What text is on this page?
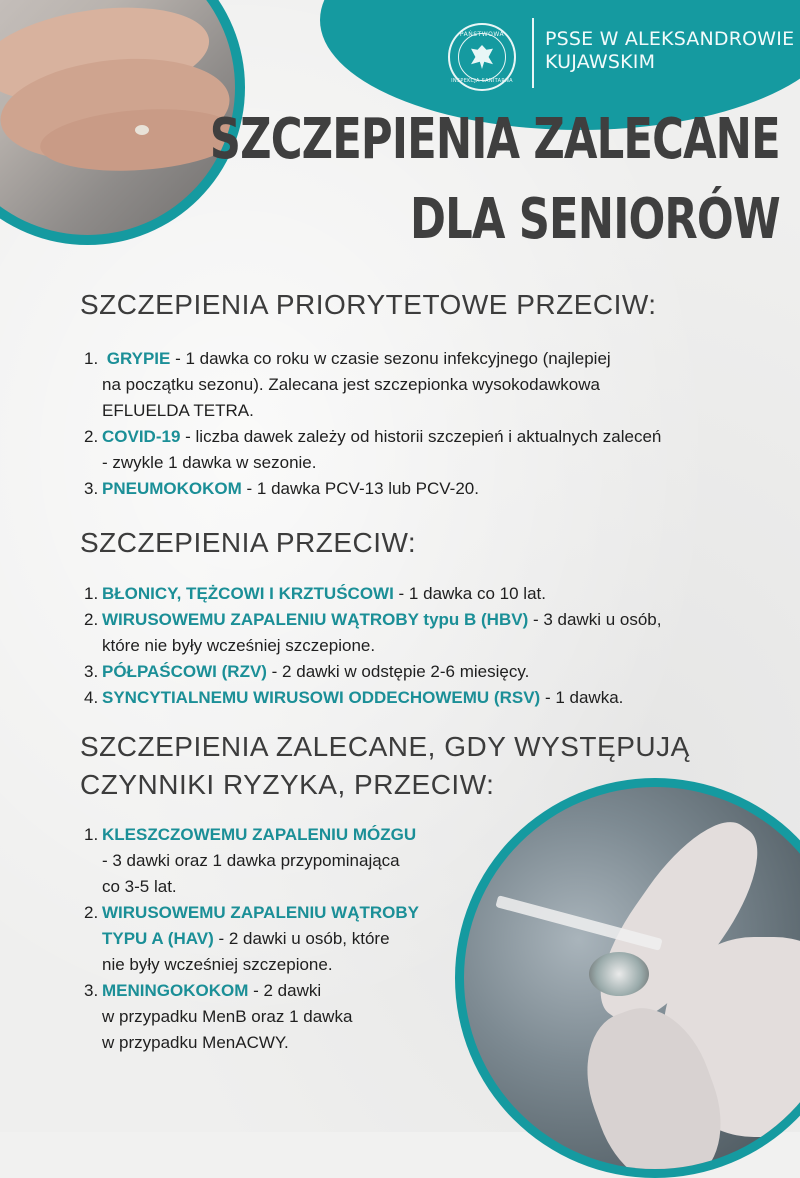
PAŃSTWOWA
INSPEKCJA SANITARNA
PSSE W ALEKSANDROWIE
KUJAWSKIM
SZCZEPIENIA ZALECANE
DLA SENIORÓW
SZCZEPIENIA PRIORYTETOWE PRZECIW:
1. GRYPIE - 1 dawka co roku w czasie sezonu infekcyjnego (najlepiej
na początku sezonu). Zalecana jest szczepionka wysokodawkowa
EFLUELDA TETRA.
2. COVID-19 - liczba dawek zależy od historii szczepień i aktualnych zaleceń
- zwykle 1 dawka w sezonie.
3. PNEUMOKOKOM - 1 dawka PCV-13 lub PCV-20.
SZCZEPIENIA PRZECIW:
1. BŁONICY, TĘŻCOWI I KRZTUŚCOWI - 1 dawka co 10 lat.
2. WIRUSOWEMU ZAPALENIU WĄTROBY typu B (HBV) - 3 dawki u osób,
które nie były wcześniej szczepione.
3. PÓŁPAŚCOWI (RZV) - 2 dawki w odstępie 2-6 miesięcy.
4. SYNCYTIALNEMU WIRUSOWI ODDECHOWEMU (RSV) - 1 dawka.
SZCZEPIENIA ZALECANE, GDY WYSTĘPUJĄ
CZYNNIKI RYZYKA, PRZECIW:
1. KLESZCZOWEMU ZAPALENIU MÓZGU
- 3 dawki oraz 1 dawka przypominająca
co 3-5 lat.
2. WIRUSOWEMU ZAPALENIU WĄTROBY
TYPU A (HAV) - 2 dawki u osób, które
nie były wcześniej szczepione.
3. MENINGOKOKOM - 2 dawki
w przypadku MenB oraz 1 dawka
w przypadku MenACWY.
